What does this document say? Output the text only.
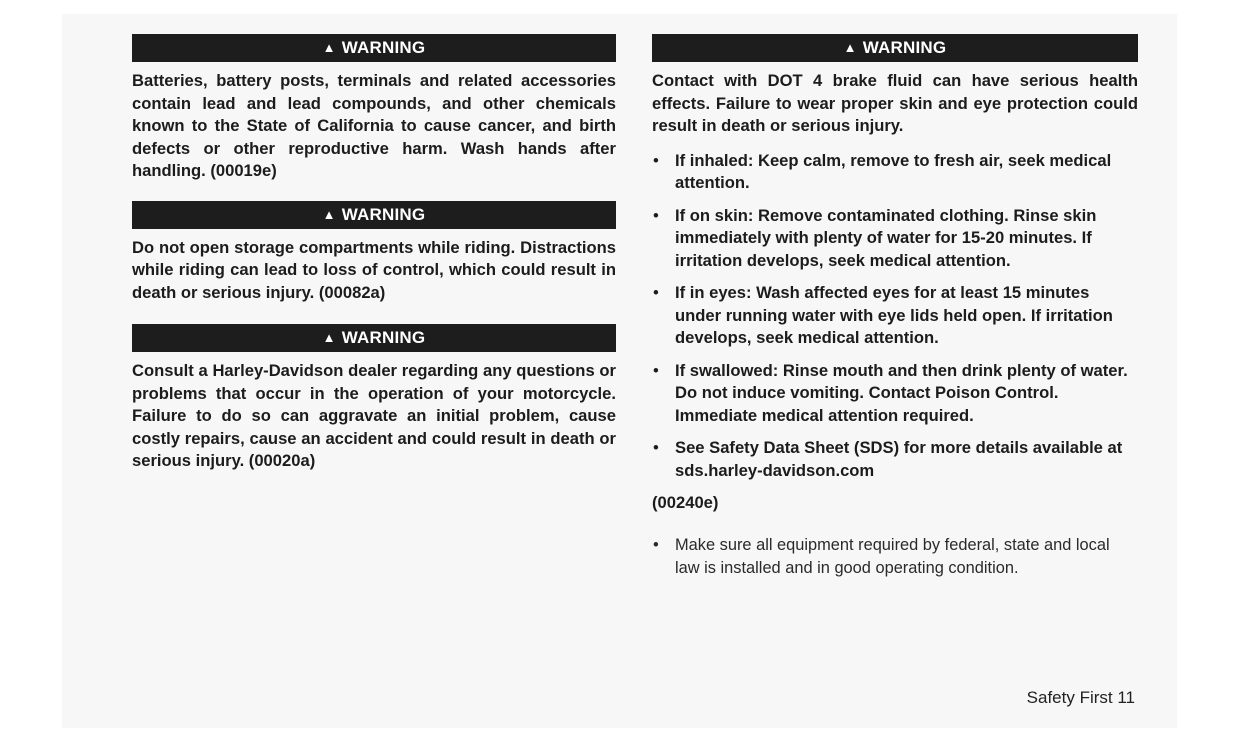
▲ WARNING

Batteries, battery posts, terminals and related accessories contain lead and lead compounds, and other chemicals known to the State of California to cause cancer, and birth defects or other reproductive harm. Wash hands after handling. (00019e)

▲ WARNING

Do not open storage compartments while riding. Distractions while riding can lead to loss of control, which could result in death or serious injury. (00082a)

▲ WARNING

Consult a Harley-Davidson dealer regarding any questions or problems that occur in the operation of your motorcycle. Failure to do so can aggravate an initial problem, cause costly repairs, cause an accident and could result in death or serious injury. (00020a)

▲ WARNING

Contact with DOT 4 brake fluid can have serious health effects. Failure to wear proper skin and eye protection could result in death or serious injury.

• If inhaled: Keep calm, remove to fresh air, seek medical attention.
• If on skin: Remove contaminated clothing. Rinse skin immediately with plenty of water for 15-20 minutes. If irritation develops, seek medical attention.
• If in eyes: Wash affected eyes for at least 15 minutes under running water with eye lids held open. If irritation develops, seek medical attention.
• If swallowed: Rinse mouth and then drink plenty of water. Do not induce vomiting. Contact Poison Control. Immediate medical attention required.
• See Safety Data Sheet (SDS) for more details available at sds.harley-davidson.com
(00240e)
• Make sure all equipment required by federal, state and local law is installed and in good operating condition.
Safety First 11
